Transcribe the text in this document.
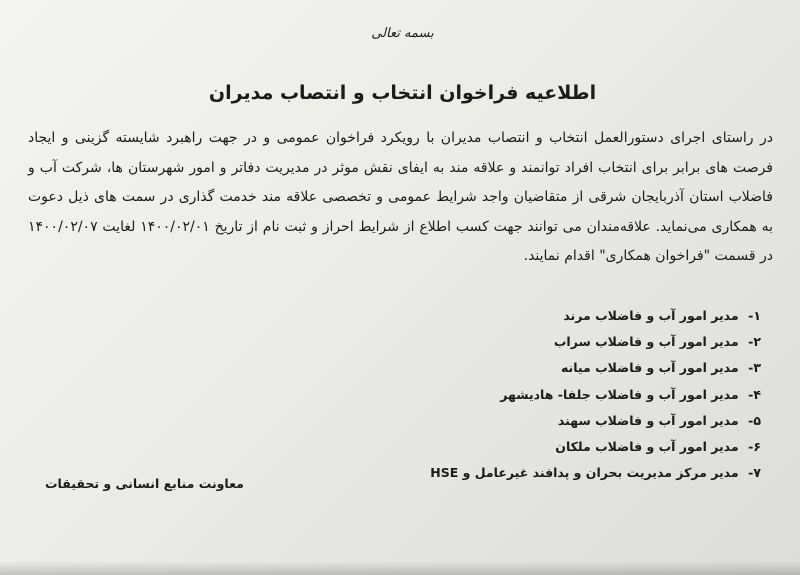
بسمه تعالی
اطلاعیه فراخوان انتخاب و انتصاب مدیران

در راستای اجرای دستورالعمل انتخاب و انتصاب مدیران با رویکرد فراخوان عمومی و در جهت راهبرد شایسته گزینی و ایجاد فرصت های برابر برای انتخاب افراد توانمند و علاقه مند به ایفای نقش موثر در مدیریت دفاتر و امور شهرستان ها، شرکت آب و فاضلاب استان آذربایجان شرقی از متقاضیان واجد شرایط عمومی و تخصصی علاقه مند خدمت گذاری در سمت های ذیل دعوت به همکاری می‌نماید. علاقه‌مندان می توانند جهت کسب اطلاع از شرایط احراز و ثبت نام از تاریخ ۱۴۰۰/۰۲/۰۱ لغایت ۱۴۰۰/۰۲/۰۷ در قسمت "فراخوان همکاری" اقدام نمایند.

۱- مدیر امور آب و فاضلاب مرند
۲- مدیر امور آب و فاضلاب سراب
۳- مدیر امور آب و فاضلاب میانه
۴- مدیر امور آب و فاضلاب جلفا- هادیشهر
۵- مدیر امور آب و فاضلاب سهند
۶- مدیر امور آب و فاضلاب ملکان
۷- مدیر مرکز مدیریت بحران و پدافند غیرعامل و HSE
معاونت منابع انسانی و تحقیقات
